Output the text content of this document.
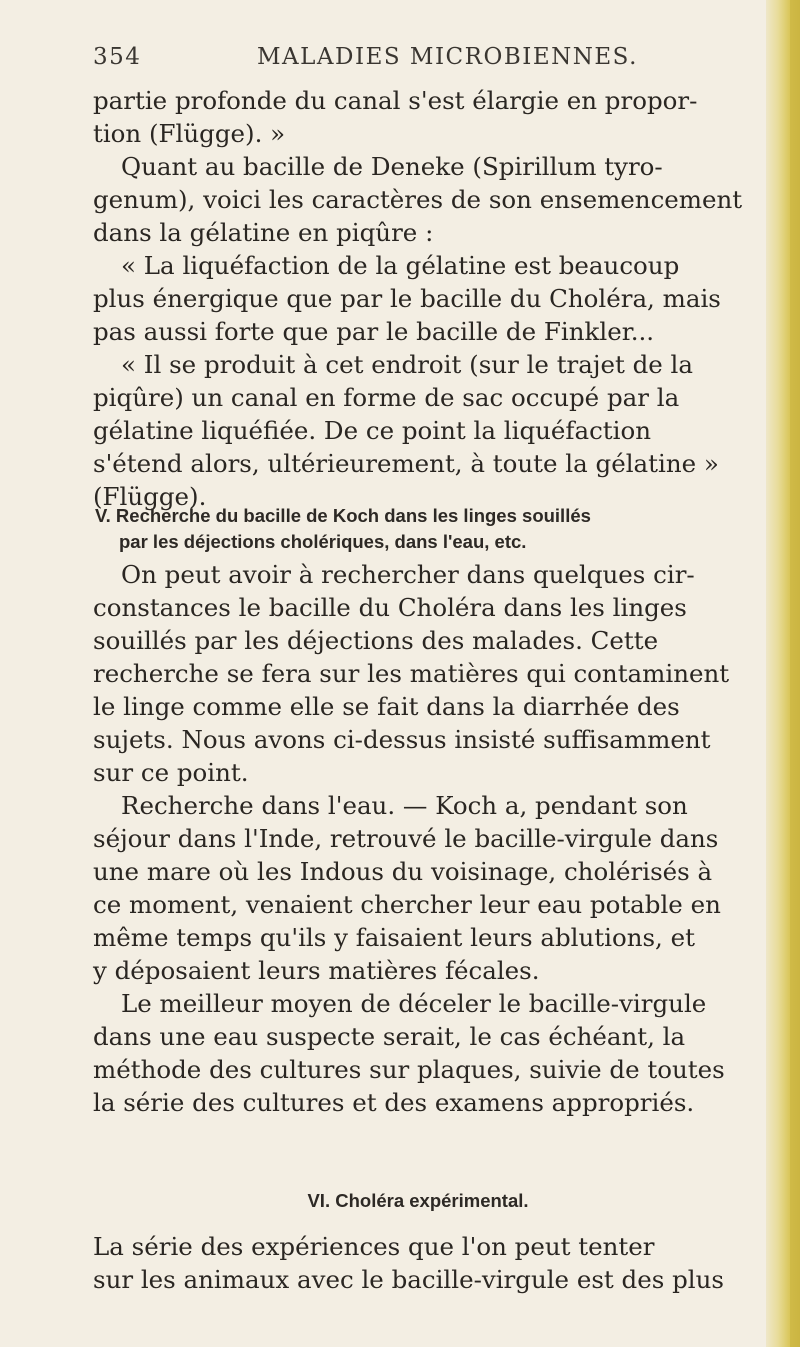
354	MALADIES MICROBIENNES.
partie profonde du canal s'est élargie en propor-
tion (Flügge). »
Quant au bacille de Deneke (Spirillum tyro-
genum), voici les caractères de son ensemencement
dans la gélatine en piqûre :
« La liquéfaction de la gélatine est beaucoup
plus énergique que par le bacille du Choléra, mais
pas aussi forte que par le bacille de Finkler...
« Il se produit à cet endroit (sur le trajet de la
piqûre) un canal en forme de sac occupé par la
gélatine liquéfiée. De ce point la liquéfaction
s'étend alors, ultérieurement, à toute la gélatine »
(Flügge).
V. Recherche du bacille de Koch dans les linges souillés
par les déjections cholériques, dans l'eau, etc.
On peut avoir à rechercher dans quelques cir-
constances le bacille du Choléra dans les linges
souillés par les déjections des malades. Cette
recherche se fera sur les matières qui contaminent
le linge comme elle se fait dans la diarrhée des
sujets. Nous avons ci-dessus insisté suffisamment
sur ce point.
Recherche dans l'eau. — Koch a, pendant son
séjour dans l'Inde, retrouvé le bacille-virgule dans
une mare où les Indous du voisinage, cholérisés à
ce moment, venaient chercher leur eau potable en
même temps qu'ils y faisaient leurs ablutions, et
y déposaient leurs matières fécales.
Le meilleur moyen de déceler le bacille-virgule
dans une eau suspecte serait, le cas échéant, la
méthode des cultures sur plaques, suivie de toutes
la série des cultures et des examens appropriés.
VI. Choléra expérimental.
La série des expériences que l'on peut tenter
sur les animaux avec le bacille-virgule est des plus
